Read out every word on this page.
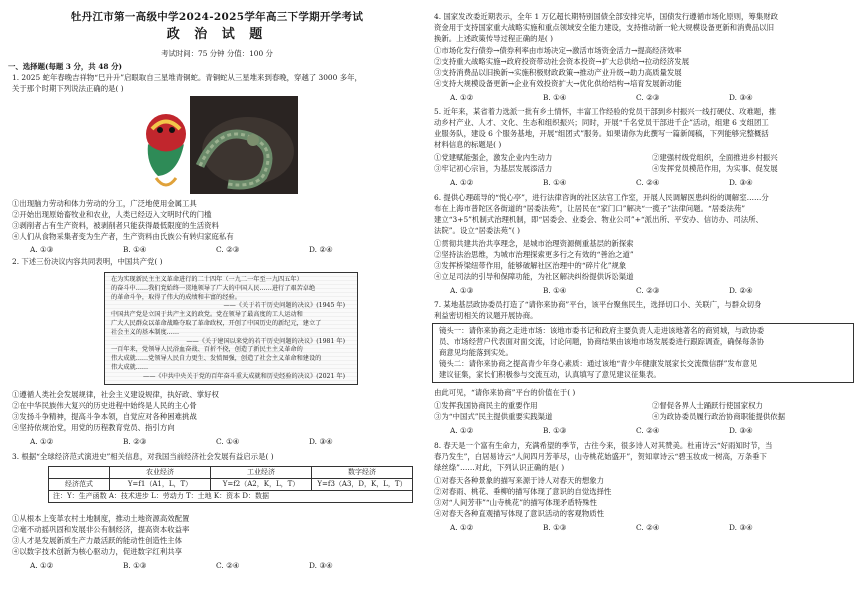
牡丹江市第一高级中学2024-2025学年高三下学期开学考试
政 治 试 题
考试时间：75 分钟 分值：100 分
一、选择题(每题 3 分，共 48 分)
1. 2025 蛇年春晚吉祥物“巳升升”启眼取自三星堆青铜蛇。青铜蛇从三星堆来到春晚，穿越了 3000 多年，
关于那个时期下列说法正确的是( )
①出现脑力劳动和体力劳动的分工，广泛地使用金属工具
②开始出现原始畜牧业和农业，人类已经迈入文明时代的门槛
③剥削者占有生产资料，被剥削者只能获得最低限度的生活资料
④人们从食物采集者变为生产者，生产资料由氏族公有转归家庭私有
A. ①③	B. ①④	C. ②③	D. ②④
2. 下述三份决议内容共同表明，中国共产党( )

在为实现新民主主义革命进行的二十四年（一九二一年至一九四五年）

的奋斗中……我们党始终一贯地领导了广大的中国人民……进行了艰苦卓绝

的革命斗争，取得了伟大的成绩和丰富的经验。

——《关于若干历史问题的决议》(1945 年)

中国共产党是立国于共产主义的政党。党在领导了最高度的工人运动和

广大人民群众以革命战略夺取了革命政权，开创了中国历史的新纪元，建立了

社会主义的基本制度……

——《关于建国以来党的若干历史问题的决议》(1981 年)

一百年来，党领导人民浴血奋战、百折不挠，创造了新民主主义革命的

伟大成就……党领导人民自力更生、发愤图强，创造了社会主义革命和建设的

伟大成就……

——《中共中央关于党的百年奋斗重大成就和历史经验的决议》(2021 年)

①遵循人类社会发展规律，社会主义建设规律，执好政、掌好权
②在中华民族伟大复兴的历史进程中始终是人民的主心骨
③发扬斗争精神，提高斗争本领，自觉应对各种困难挑战
④坚持依规治党，用党的历程教育党员、指引方向
A. ①②	B. ②③	C. ①④	D. ③④
3. 根据“全球经济范式演进史”相关信息，对我国当前经济社会发展有益启示是( )
	农业经济	工业经济	数字经济
经济范式	Y=f1（A1，L，T）	Y=f2（A2，K，L，T）	Y=f3（A3，D，K，L，T）
注：Y：生产函数 A：技术进步 L：劳动力 T：土地 K：资本 D：数据			
①从根本上变革农村土地制度，推动土地资源高效配置
②毫不动摇巩固和发展非公有制经济，提高资本收益率
③人才是发展新质生产力最活跃的能动性创造性主体
④以数字技术创新为核心驱动力，促进数字红利共享
A. ①②	B. ①③	C. ②④	D. ③④
4. 国家发改委近期表示，全年 1 万亿超长期特别国债全部安排完毕，国债发行遵循市场化原则，筹集财政
资金用于支持国家重大战略实施和重点领域安全能力建设，支持推动新一轮大规模设备更新和消费品以旧
换新。上述政策传导过程正确的是( )
①市场化发行债券→债券利率由市场决定→激活市场资金活力→提高经济效率
②支持重大战略实施→政府投资带动社会资本投资→扩大总供给→拉动经济发展
③支持消费品以旧换新→实施积极财政政策→推动产业升级→助力高质量发展
④支持大规模设备更新→企业有效投资扩大→优化供给结构→培育发展新动能
A. ①②	B. ①④	C. ②③	D. ③④
5. 近年来，某省着力选派一批有乡土情怀，丰富工作经验的党员干部到乡村振兴一线打硬仗、攻难题，推
动乡村产业、人才、文化、生态和组织振兴；同时，开展“千名党员干部进千企”活动，组建 6 支组团工
业服务队，建设 6 个服务基地，开展“组团式”服务。如果请你为此撰写一篇新闻稿，下列能够完整概括
材料信息的标题是( )
①党建赋能强企，激发企业内生动力	②建强村级党组织，全面推进乡村振兴
③牢记初心宗旨，为基层发展添活力	④发挥党员模范作用，为实事、促发展
A. ①②	B. ①④	C. ②④	D. ③④
6. 提供心理疏导的“悦心亭”，进行法律咨询的社区法官工作室，开展人民调解医患纠纷的调解室……分
布在上海市普陀区各街道的“居委法苑”，让居民在“家门口”解决“一揽子”法律问题。“居委法苑”
建立“3+5”机制式治理机制，即“居委会、业委会、物业公司”+“派出所、平安办、信访办、司法所、
法院”。设立“居委法苑”( )
①贯彻共建共治共享理念，是城市治理资源侧重基层的新探索
②坚持法治思维，为城市治理探索更多行之有效的“善治之道”
③发挥桥梁纽带作用，能够破解社区治理中的“碎片化”规象
④立足司法的引导和保障功能，为社区解决纠纷提供诉讼渠道
A. ①③	B. ①④	C. ②③	D. ②④
7. 某地基层政协委员打造了“请你来协商”平台，该平台聚焦民生，选择切口小、关联广，与群众切身
利益密切相关的议题开展协商。

镜头一：请你来协商之走进市场：该地市委书记和政府主要负责人走进该地著名的商贸城，与政协委

员、市场经营户代表面对面交流，讨论问题，协商结果由该地市场发展委进行跟踪调查，确保每条协

商意见均能落到实处。

镜头二：请你来协商之提高青少年身心素质：通过该地“青少年健康发展家长交流微信群”发布意见

建议征集，家长们积极参与交流互动，认真填写了意见建议征集表。

由此可见，“请你来协商”平台的价值在于( )
①发挥我国协商民主的重要作用	②督促各界人士踊跃行使国家权力
③为“中国式”民主提供重要实践渠道	④为政协委员履行政治协商职能提供依据
A. ①②	B. ①③	C. ②④	D. ③④
8. 春天是一个富有生命力，充满希望的季节，古往今来，很多诗人对其赞美。杜甫诗云“好雨知时节，当
春乃发生”，白居易诗云“人间四月芳菲尽，山寺桃花始盛开”，贺知章诗云“碧玉妆成一树高，万条垂下
绿丝绦”……对此，下列认识正确的是( )
①对春天各种景象的描写来源于诗人对春天的想象力
②对春雨、桃花、垂柳的描写体现了意识的自觉选择性
③对“人间芳菲”“山寺桃花”的描写体现矛盾特殊性
④对春天各种直观描写体现了意识活动的客观物质性
A. ①②	B. ①③	C. ②④	D. ③④
